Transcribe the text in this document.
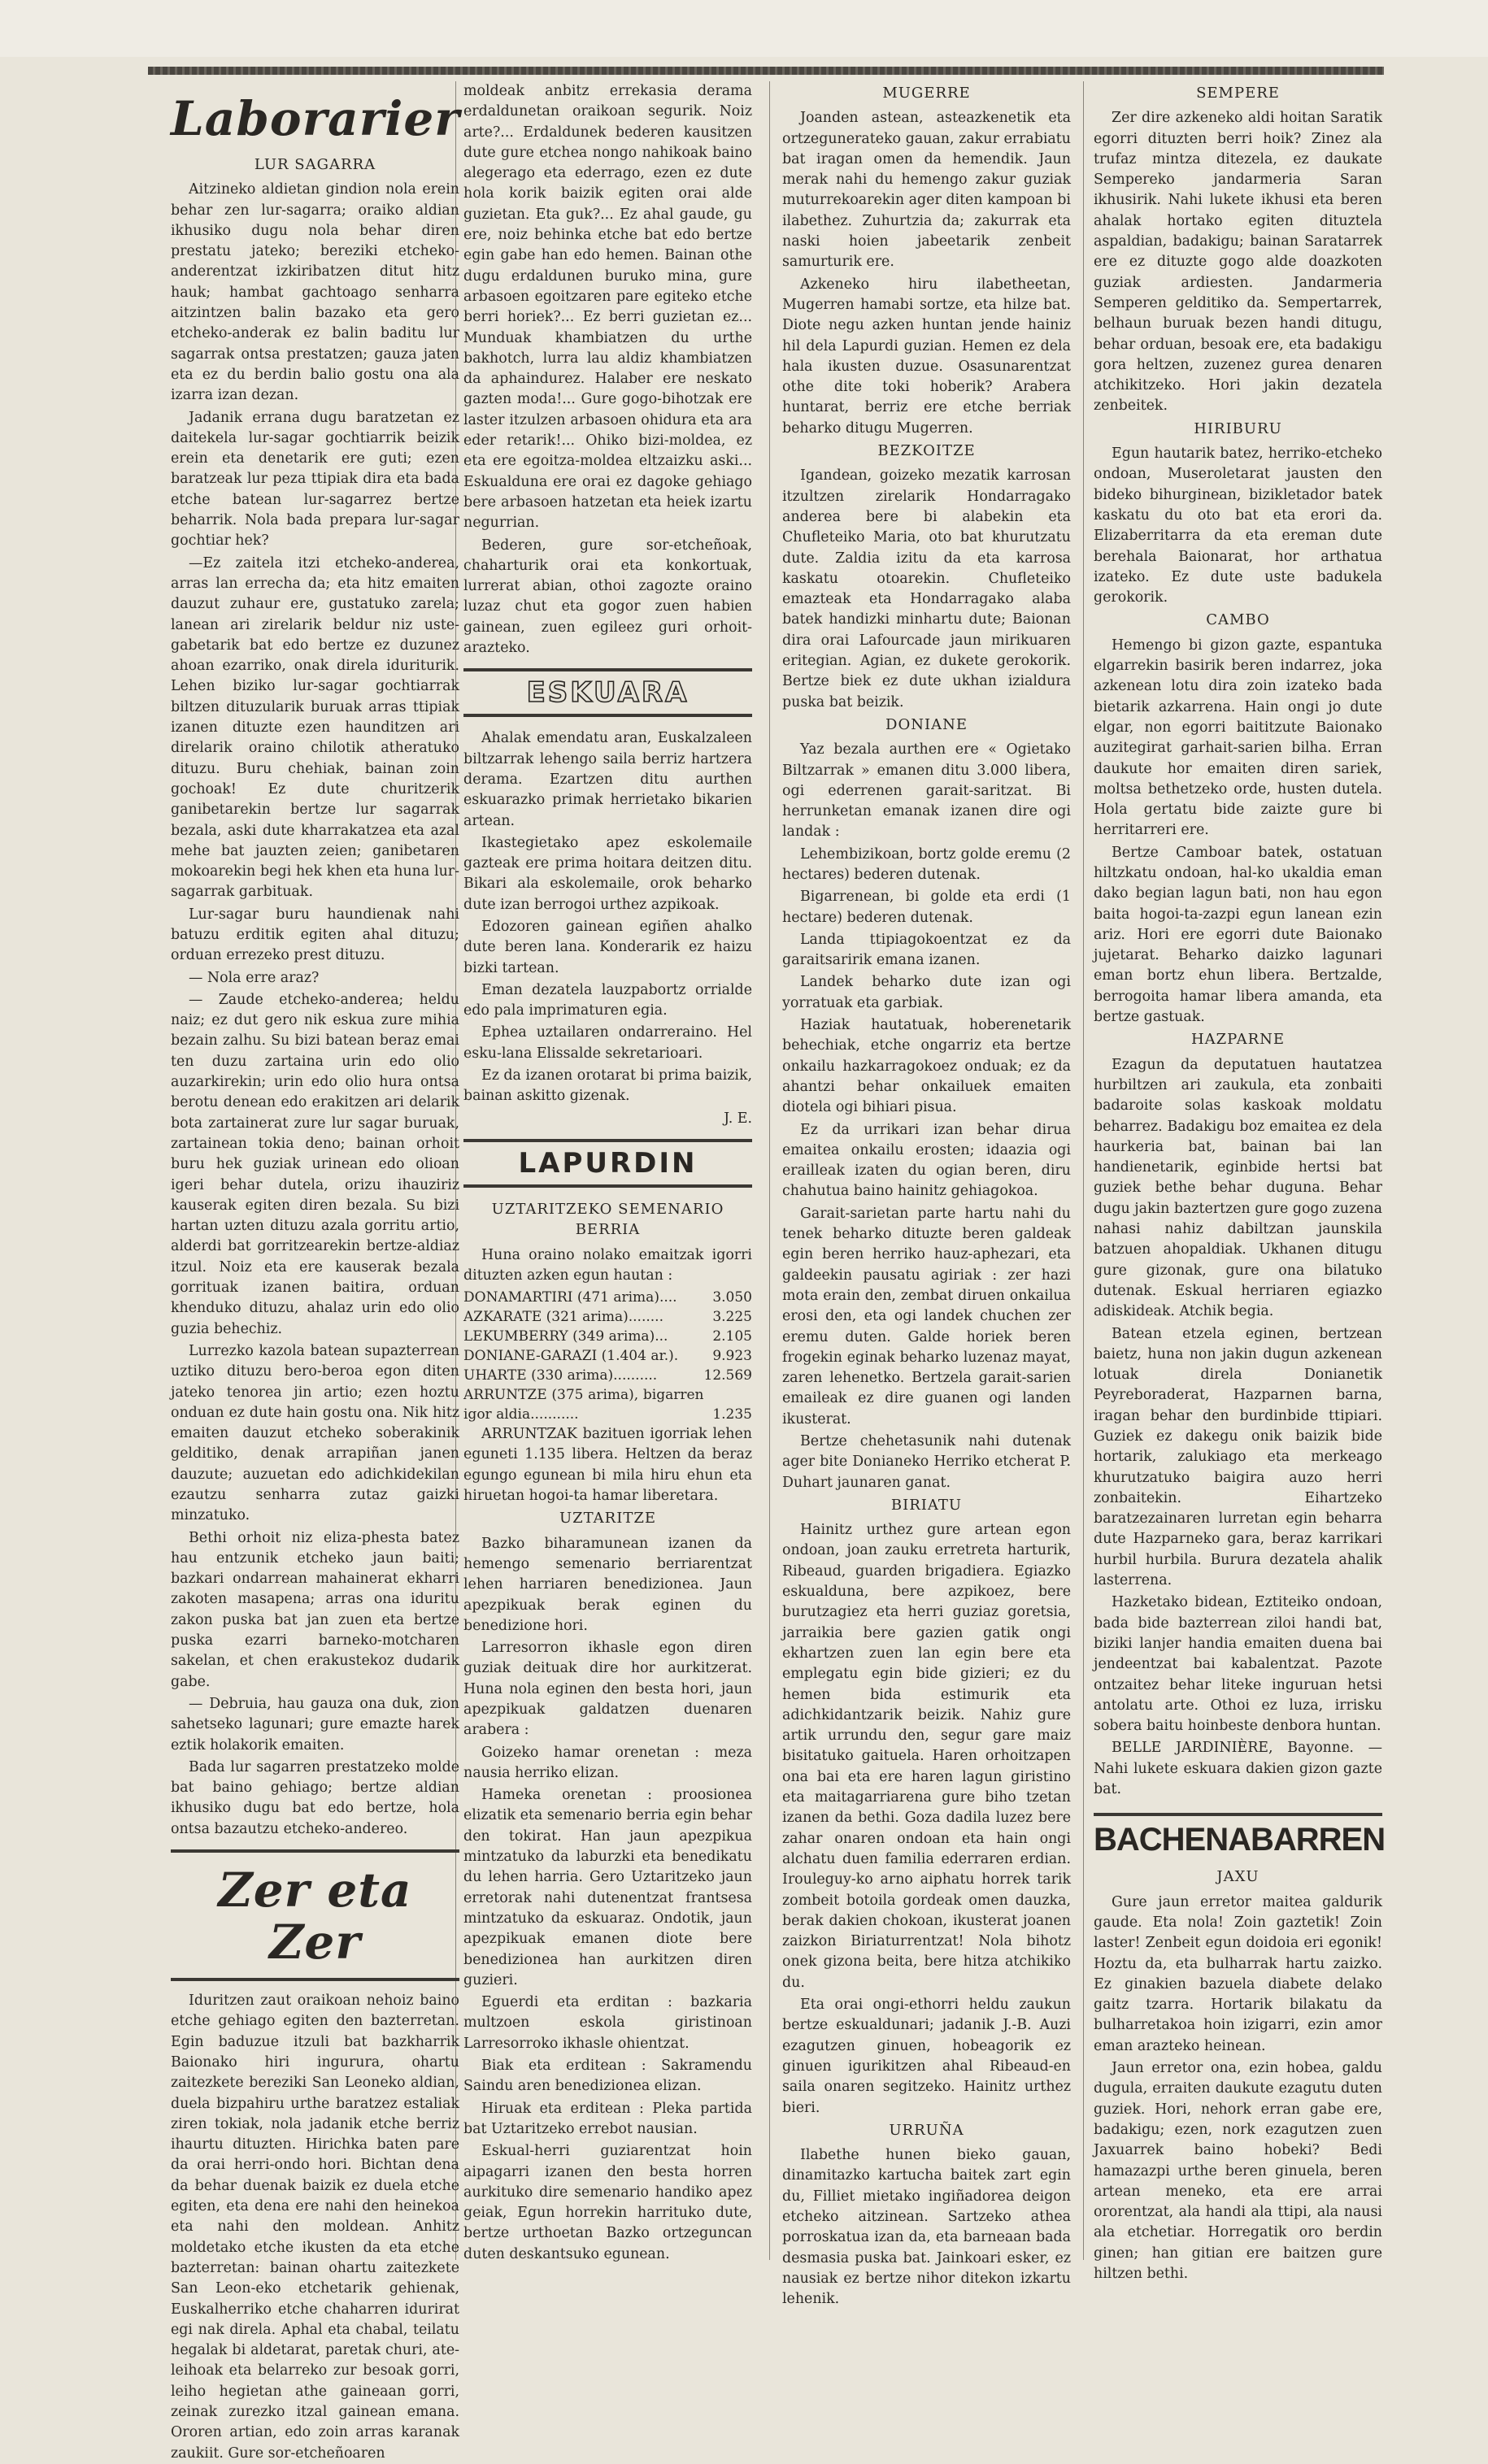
Laborarier
LUR SAGARRA

Aitzineko aldietan gindion nola erein behar zen lur-sagarra; oraiko aldian ikhusiko dugu nola behar diren prestatu jateko; bereziki etcheko-anderentzat izkiribatzen ditut hitz hauk; hambat gachtoago senharra aitzintzen balin bazako eta gero etcheko-anderak ez balin baditu lur sagarrak ontsa prestatzen; gauza jaten eta ez du berdin balio gostu ona ala izarra izan dezan.

Jadanik errana dugu baratzetan ez daitekela lur-sagar gochtiarrik beizik erein eta denetarik ere guti; ezen baratzeak lur peza ttipiak dira eta bada etche batean lur-sagarrez bertze beharrik. Nola bada prepara lur-sagar gochtiar hek?

—Ez zaitela itzi etcheko-anderea, arras lan errecha da; eta hitz emaiten dauzut zuhaur ere, gustatuko zarela; lanean ari zirelarik beldur niz uste-gabetarik bat edo bertze ez duzunez ahoan ezarriko, onak direla iduriturik. Lehen biziko lur-sagar gochtiarrak biltzen dituzularik buruak arras ttipiak izanen dituzte ezen haunditzen ari direlarik oraino chilotik atheratuko dituzu. Buru chehiak, bainan zoin gochoak! Ez dute churitzerik ganibetarekin bertze lur sagarrak bezala, aski dute kharrakatzea eta azal mehe bat jauzten zeien; ganibetaren mokoarekin begi hek khen eta huna lur-sagarrak garbituak.

Lur-sagar buru haundienak nahi batuzu erditik egiten ahal dituzu; orduan errezeko prest dituzu.

— Nola erre araz?

— Zaude etcheko-anderea; heldu naiz; ez dut gero nik eskua zure mihia bezain zalhu. Su bizi batean beraz emai ten duzu zartaina urin edo olio auzarkirekin; urin edo olio hura ontsa berotu denean edo erakitzen ari delarik bota zartainerat zure lur sagar buruak, zartainean tokia deno; bainan orhoit buru hek guziak urinean edo olioan igeri behar dutela, orizu ihauziriz kauserak egiten diren bezala. Su bizi hartan uzten dituzu azala gorritu artio, alderdi bat gorritzearekin bertze-aldiaz itzul. Noiz eta ere kauserak bezala gorrituak izanen baitira, orduan khenduko dituzu, ahalaz urin edo olio guzia behechiz.

Lurrezko kazola batean supazterrean uztiko dituzu bero-beroa egon diten jateko tenorea jin artio; ezen hoztu onduan ez dute hain gostu ona. Nik hitz emaiten dauzut etcheko soberakinik gelditiko, denak arrapiñan janen dauzute; auzuetan edo adichkidekilan ezautzu senharra zutaz gaizki minzatuko.

Bethi orhoit niz eliza-phesta batez hau entzunik etcheko jaun baiti; bazkari ondarrean mahainerat ekharri zakoten masapena; arras ona iduritu zakon puska bat jan zuen eta bertze puska ezarri barneko-motcharen sakelan, et chen erakustekoz dudarik gabe.

— Debruia, hau gauza ona duk, zion sahetseko lagunari; gure emazte harek eztik holakorik emaiten.

Bada lur sagarren prestatzeko molde bat baino gehiago; bertze aldian ikhusiko dugu bat edo bertze, hola ontsa bazautzu etcheko-andereo.

Zer eta Zer

Iduritzen zaut oraikoan nehoiz baino etche gehiago egiten den bazterretan. Egin baduzue itzuli bat bazkharrik Baionako hiri ingurura, ohartu zaitezkete bereziki San Leoneko aldian, duela bizpahiru urthe baratzez estaliak ziren tokiak, nola jadanik etche berriz ihaurtu dituzten. Hirichka baten pare da orai herri-ondo hori. Bichtan dena da behar duenak baizik ez duela etche egiten, eta dena ere nahi den heinekoa eta nahi den moldean. Anhitz moldetako etche ikusten da eta etche bazterretan: bainan ohartu zaitezkete San Leon-eko etchetarik gehienak, Euskalherriko etche chaharren idurirat egi nak direla. Aphal eta chabal, teilatu hegalak bi aldetarat, paretak churi, ate-leihoak eta belarreko zur besoak gorri, leiho hegietan athe gaineaan gorri, zeinak zurezko itzal gainean emana. Ororen artian, edo zoin arras karanak zaukiit. Gure sor-etcheñoaren

moldeak anbitz errekasia derama erdaldunetan oraikoan segurik. Noiz arte?... Erdaldunek bederen kausitzen dute gure etchea nongo nahikoak baino alegerago eta ederrago, ezen ez dute hola korik baizik egiten orai alde guzietan. Eta guk?... Ez ahal gaude, gu ere, noiz behinka etche bat edo bertze egin gabe han edo hemen. Bainan othe dugu erdaldunen buruko mina, gure arbasoen egoitzaren pare egiteko etche berri horiek?... Ez berri guzietan ez... Munduak khambiatzen du urthe bakhotch, lurra lau aldiz khambiatzen da aphaindurez. Halaber ere neskato gazten moda!... Gure gogo-bihotzak ere laster itzulzen arbasoen ohidura eta ara eder retarik!... Ohiko bizi-moldea, ez eta ere egoitza-moldea eltzaizku aski... Eskualduna ere orai ez dagoke gehiago bere arbasoen hatzetan eta heiek izartu negurrian.

Bederen, gure sor-etcheñoak, chaharturik orai eta konkortuak, lurrerat abian, othoi zagozte oraino luzaz chut eta gogor zuen habien gainean, zuen egileez guri orhoit-arazteko.

ESKUARA

Ahalak emendatu aran, Euskalzaleen biltzarrak lehengo saila berriz hartzera derama. Ezartzen ditu aurthen eskuarazko primak herrietako bikarien artean.

Ikastegietako apez eskolemaile gazteak ere prima hoitara deitzen ditu. Bikari ala eskolemaile, orok beharko dute izan berrogoi urthez azpikoak.

Edozoren gainean egiñen ahalko dute beren lana. Konderarik ez haizu bizki tartean.

Eman dezatela lauzpabortz orrialde edo pala imprimaturen egia.

Ephea uztailaren ondarreraino. Hel esku-lana Elissalde sekretarioari.

Ez da izanen orotarat bi prima baizik, bainan askitto gizenak.

J. E.

LAPURDIN
UZTARITZEKO SEMENARIO BERRIA

Huna oraino nolako emaitzak igorri dituzten azken egun hautan :

DONAMARTIRI (471 arima)....	3.050
AZKARATE (321 arima)........	3.225
LEKUMBERRY (349 arima)...	2.105
DONIANE-GARAZI (1.404 ar.).	9.923
UHARTE (330 arima)..........	12.569
ARRUNTZE (375 arima), bigarren igor aldia...........	1.235

ARRUNTZAK bazituen igorriak lehen eguneti 1.135 libera. Heltzen da beraz egungo egunean bi mila hiru ehun eta hiruetan hogoi-ta hamar liberetara.

UZTARITZE

Bazko biharamunean izanen da hemengo semenario berriarentzat lehen harriaren benedizionea. Jaun apezpikuak berak eginen du benedizione hori.

Larresorron ikhasle egon diren guziak deituak dire hor aurkitzerat. Huna nola eginen den besta hori, jaun apezpikuak galdatzen duenaren arabera :

Goizeko hamar orenetan : meza nausia herriko elizan.

Hameka orenetan : proosionea elizatik eta semenario berria egin behar den tokirat. Han jaun apezpikua mintzatuko da laburzki eta benedikatu du lehen harria. Gero Uztaritzeko jaun erretorak nahi dutenentzat frantsesa mintzatuko da eskuaraz. Ondotik, jaun apezpikuak emanen diote bere benedizionea han aurkitzen diren guzieri.

Eguerdi eta erditan : bazkaria multzoen eskola giristinoan Larresorroko ikhasle ohientzat.

Biak eta erditean : Sakramendu Saindu aren benedizionea elizan.

Hiruak eta erditean : Pleka partida bat Uztaritzeko errebot nausian.

Eskual-herri guziarentzat hoin aipagarri izanen den besta horren aurkituko dire semenario handiko apez geiak, Egun horrekin harrituko dute, bertze urthoetan Bazko ortzeguncan duten deskantsuko egunean.

MUGERRE

Joanden astean, asteazkenetik eta ortzegunerateko gauan, zakur errabiatu bat iragan omen da hemendik. Jaun merak nahi du hemengo zakur guziak muturrekoarekin ager diten kampoan bi ilabethez. Zuhurtzia da; zakurrak eta naski hoien jabeetarik zenbeit samurturik ere.

Azkeneko hiru ilabetheetan, Mugerren hamabi sortze, eta hilze bat. Diote negu azken huntan jende hainiz hil dela Lapurdi guzian. Hemen ez dela hala ikusten duzue. Osasunarentzat othe dite toki hoberik? Arabera huntarat, berriz ere etche berriak beharko ditugu Mugerren.

BEZKOITZE

Igandean, goizeko mezatik karrosan itzultzen zirelarik Hondarragako anderea bere bi alabekin eta Chufleteiko Maria, oto bat khurutzatu dute. Zaldia izitu da eta karrosa kaskatu otoarekin. Chufleteiko emazteak eta Hondarragako alaba batek handizki minhartu dute; Baionan dira orai Lafourcade jaun mirikuaren eritegian. Agian, ez dukete gerokorik. Bertze biek ez dute ukhan izialdura puska bat beizik.

DONIANE

Yaz bezala aurthen ere « Ogietako Biltzarrak » emanen ditu 3.000 libera, ogi ederrenen garait-saritzat. Bi herrunketan emanak izanen dire ogi landak :

Lehembizikoan, bortz golde eremu (2 hectares) bederen dutenak.

Bigarrenean, bi golde eta erdi (1 hectare) bederen dutenak.

Landa ttipiagokoentzat ez da garaitsaririk emana izanen.

Landek beharko dute izan ogi yorratuak eta garbiak.

Haziak hautatuak, hoberenetarik behechiak, etche ongarriz eta bertze onkailu hazkarragokoez onduak; ez da ahantzi behar onkailuek emaiten diotela ogi bihiari pisua.

Ez da urrikari izan behar dirua emaitea onkailu erosten; idaazia ogi erailleak izaten du ogian beren, diru chahutua baino hainitz gehiagokoa.

Garait-sarietan parte hartu nahi du tenek beharko dituzte beren galdeak egin beren herriko hauz-aphezari, eta galdeekin pausatu agiriak : zer hazi mota erain den, zembat diruen onkailua erosi den, eta ogi landek chuchen zer eremu duten. Galde horiek beren frogekin eginak beharko luzenaz mayat, zaren lehenetko. Bertzela garait-sarien emaileak ez dire guanen ogi landen ikusterat.

Bertze chehetasunik nahi dutenak ager bite Donianeko Herriko etcherat P. Duhart jaunaren ganat.

BIRIATU

Hainitz urthez gure artean egon ondoan, joan zauku erretreta harturik, Ribeaud, guarden brigadiera. Egiazko eskualduna, bere azpikoez, bere burutzagiez eta herri guziaz goretsia, jarraikia bere gazien gatik ongi ekhartzen zuen lan egin bere eta emplegatu egin bide gizieri; ez du hemen bida estimurik eta adichkidantzarik beizik. Nahiz gure artik urrundu den, segur gare maiz bisitatuko gaituela. Haren orhoitzapen ona bai eta ere haren lagun giristino eta maitagarriarena gure biho tzetan izanen da bethi. Goza dadila luzez bere zahar onaren ondoan eta hain ongi alchatu duen familia ederraren erdian. Irouleguy-ko arno aiphatu horrek tarik zombeit botoila gordeak omen dauzka, berak dakien chokoan, ikusterat joanen zaizkon Biriaturrentzat! Nola bihotz onek gizona beita, bere hitza atchikiko du.

Eta orai ongi-ethorri heldu zaukun bertze eskualdunari; jadanik J.-B. Auzi ezagutzen ginuen, hobeagorik ez ginuen igurikitzen ahal Ribeaud-en saila onaren segitzeko. Hainitz urthez bieri.

URRUÑA

Ilabethe hunen bieko gauan, dinamitazko kartucha baitek zart egin du, Filliet mietako ingiñadorea deigon etcheko aitzinean. Sartzeko athea porroskatua izan da, eta barneaan bada desmasia puska bat. Jainkoari esker, ez nausiak ez bertze nihor ditekon izkartu lehenik.

SEMPERE

Zer dire azkeneko aldi hoitan Saratik egorri dituzten berri hoik? Zinez ala trufaz mintza ditezela, ez daukate Sempereko jandarmeria Saran ikhusirik. Nahi lukete ikhusi eta beren ahalak hortako egiten dituztela aspaldian, badakigu; bainan Saratarrek ere ez dituzte gogo alde doazkoten guziak ardiesten. Jandarmeria Semperen gelditiko da. Sempertarrek, belhaun buruak bezen handi ditugu, behar orduan, besoak ere, eta badakigu gora heltzen, zuzenez gurea denaren atchikitzeko. Hori jakin dezatela zenbeitek.

HIRIBURU

Egun hautarik batez, herriko-etcheko ondoan, Museroletarat jausten den bideko bihurginean, bizikletador batek kaskatu du oto bat eta erori da. Elizaberritarra da eta ereman dute berehala Baionarat, hor arthatua izateko. Ez dute uste badukela gerokorik.

CAMBO

Hemengo bi gizon gazte, espantuka elgarrekin basirik beren indarrez, joka azkenean lotu dira zoin izateko bada bietarik azkarrena. Hain ongi jo dute elgar, non egorri baititzute Baionako auzitegirat garhait-sarien bilha. Erran daukute hor emaiten diren sariek, moltsa bethetzeko orde, husten dutela. Hola gertatu bide zaizte gure bi herritarreri ere.

Bertze Camboar batek, ostatuan hiltzkatu ondoan, hal-ko ukaldia eman dako begian lagun bati, non hau egon baita hogoi-ta-zazpi egun lanean ezin ariz. Hori ere egorri dute Baionako jujetarat. Beharko daizko lagunari eman bortz ehun libera. Bertzalde, berrogoita hamar libera amanda, eta bertze gastuak.

HAZPARNE

Ezagun da deputatuen hautatzea hurbiltzen ari zaukula, eta zonbaiti badaroite solas kaskoak moldatu beharrez. Badakigu boz emaitea ez dela haurkeria bat, bainan bai lan handienetarik, eginbide hertsi bat guziek bethe behar duguna. Behar dugu jakin baztertzen gure gogo zuzena nahasi nahiz dabiltzan jaunskila batzuen ahopaldiak. Ukhanen ditugu gure gizonak, gure ona bilatuko dutenak. Eskual herriaren egiazko adiskideak. Atchik begia.

Batean etzela eginen, bertzean baietz, huna non jakin dugun azkenean lotuak direla Donianetik Peyreboraderat, Hazparnen barna, iragan behar den burdinbide ttipiari. Guziek ez dakegu onik baizik bide hortarik, zalukiago eta merkeago khurutzatuko baigira auzo herri zonbaitekin. Eihartzeko baratzezainaren lurretan egin beharra dute Hazparneko gara, beraz karrikari hurbil hurbila. Burura dezatela ahalik lasterrena.

Hazketako bidean, Eztiteiko ondoan, bada bide bazterrean ziloi handi bat, biziki lanjer handia emaiten duena bai jendeentzat bai kabalentzat. Pazote ontzaitez behar liteke inguruan hetsi antolatu arte. Othoi ez luza, irrisku sobera baitu hoinbeste denbora huntan.

BELLE JARDINIÈRE, Bayonne. — Nahi lukete eskuara dakien gizon gazte bat.

BACHENABARREN
JAXU

Gure jaun erretor maitea galdurik gaude. Eta nola! Zoin gaztetik! Zoin laster! Zenbeit egun doidoia eri egonik! Hoztu da, eta bulharrak hartu zaizko. Ez ginakien bazuela diabete delako gaitz tzarra. Hortarik bilakatu da bulharretakoa hoin izigarri, ezin amor eman arazteko heinean.

Jaun erretor ona, ezin hobea, galdu dugula, erraiten daukute ezagutu duten guziek. Hori, nehork erran gabe ere, badakigu; ezen, nork ezagutzen zuen Jaxuarrek baino hobeki? Bedi hamazazpi urthe beren ginuela, beren artean meneko, eta ere arrai ororentzat, ala handi ala ttipi, ala nausi ala etchetiar. Horregatik oro berdin ginen; han gitian ere baitzen gure hiltzen bethi.
